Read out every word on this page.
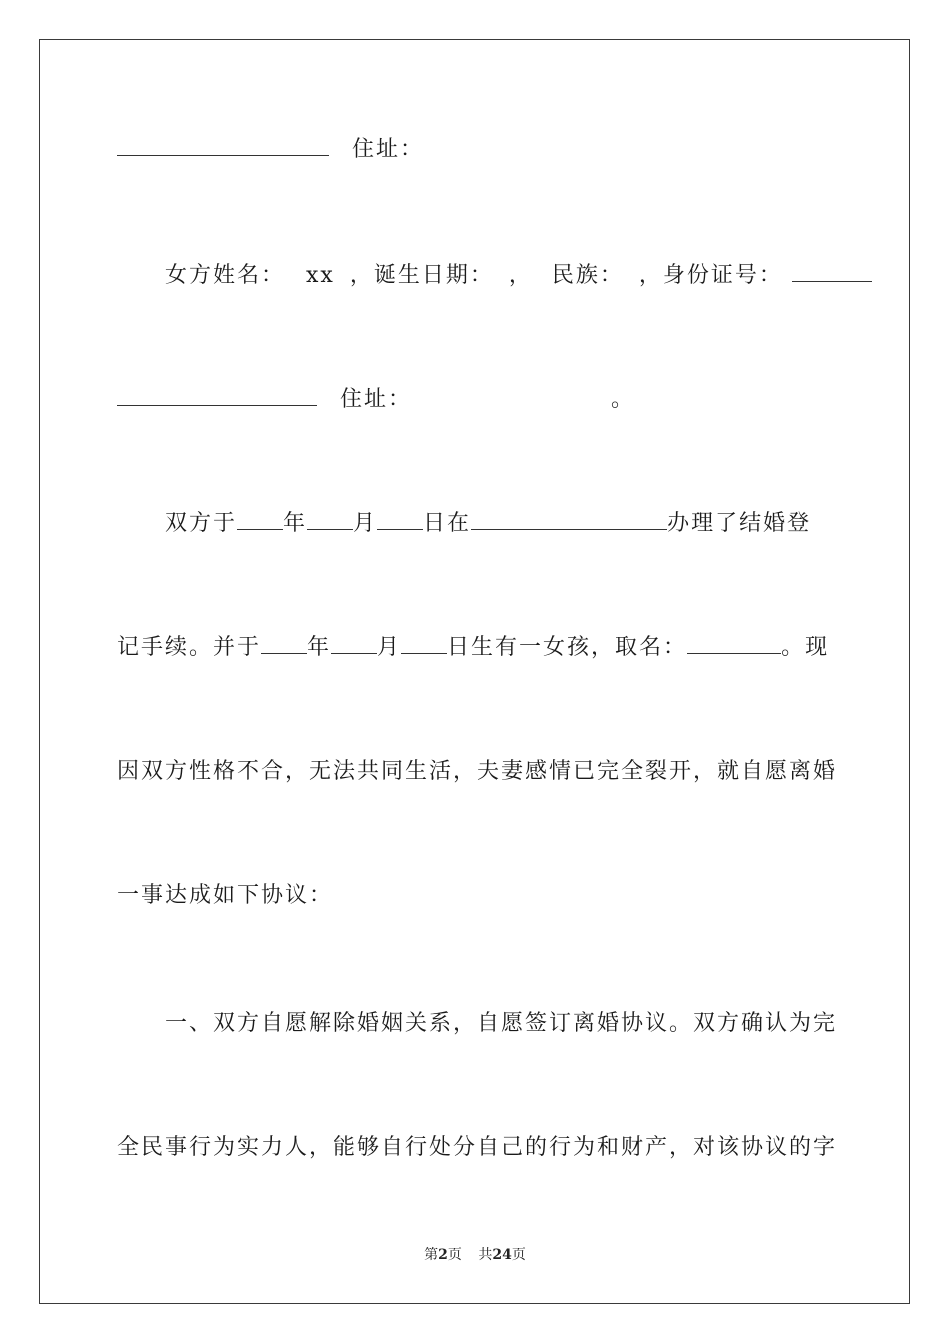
住址：
女方姓名： xx ，诞生日期： ， 民族： ，身份证号：
住址：	。
双方于 年 月 日在	办理了结婚登
记手续。并于 年 月 日生有一女孩，取名：	。现
因双方性格不合，无法共同生活，夫妻感情已完全裂开，就自愿离婚
一事达成如下协议：
一、双方自愿解除婚姻关系，自愿签订离婚协议。双方确认为完
全民事行为实力人，能够自行处分自己的行为和财产，对该协议的字
第2页 共24页
